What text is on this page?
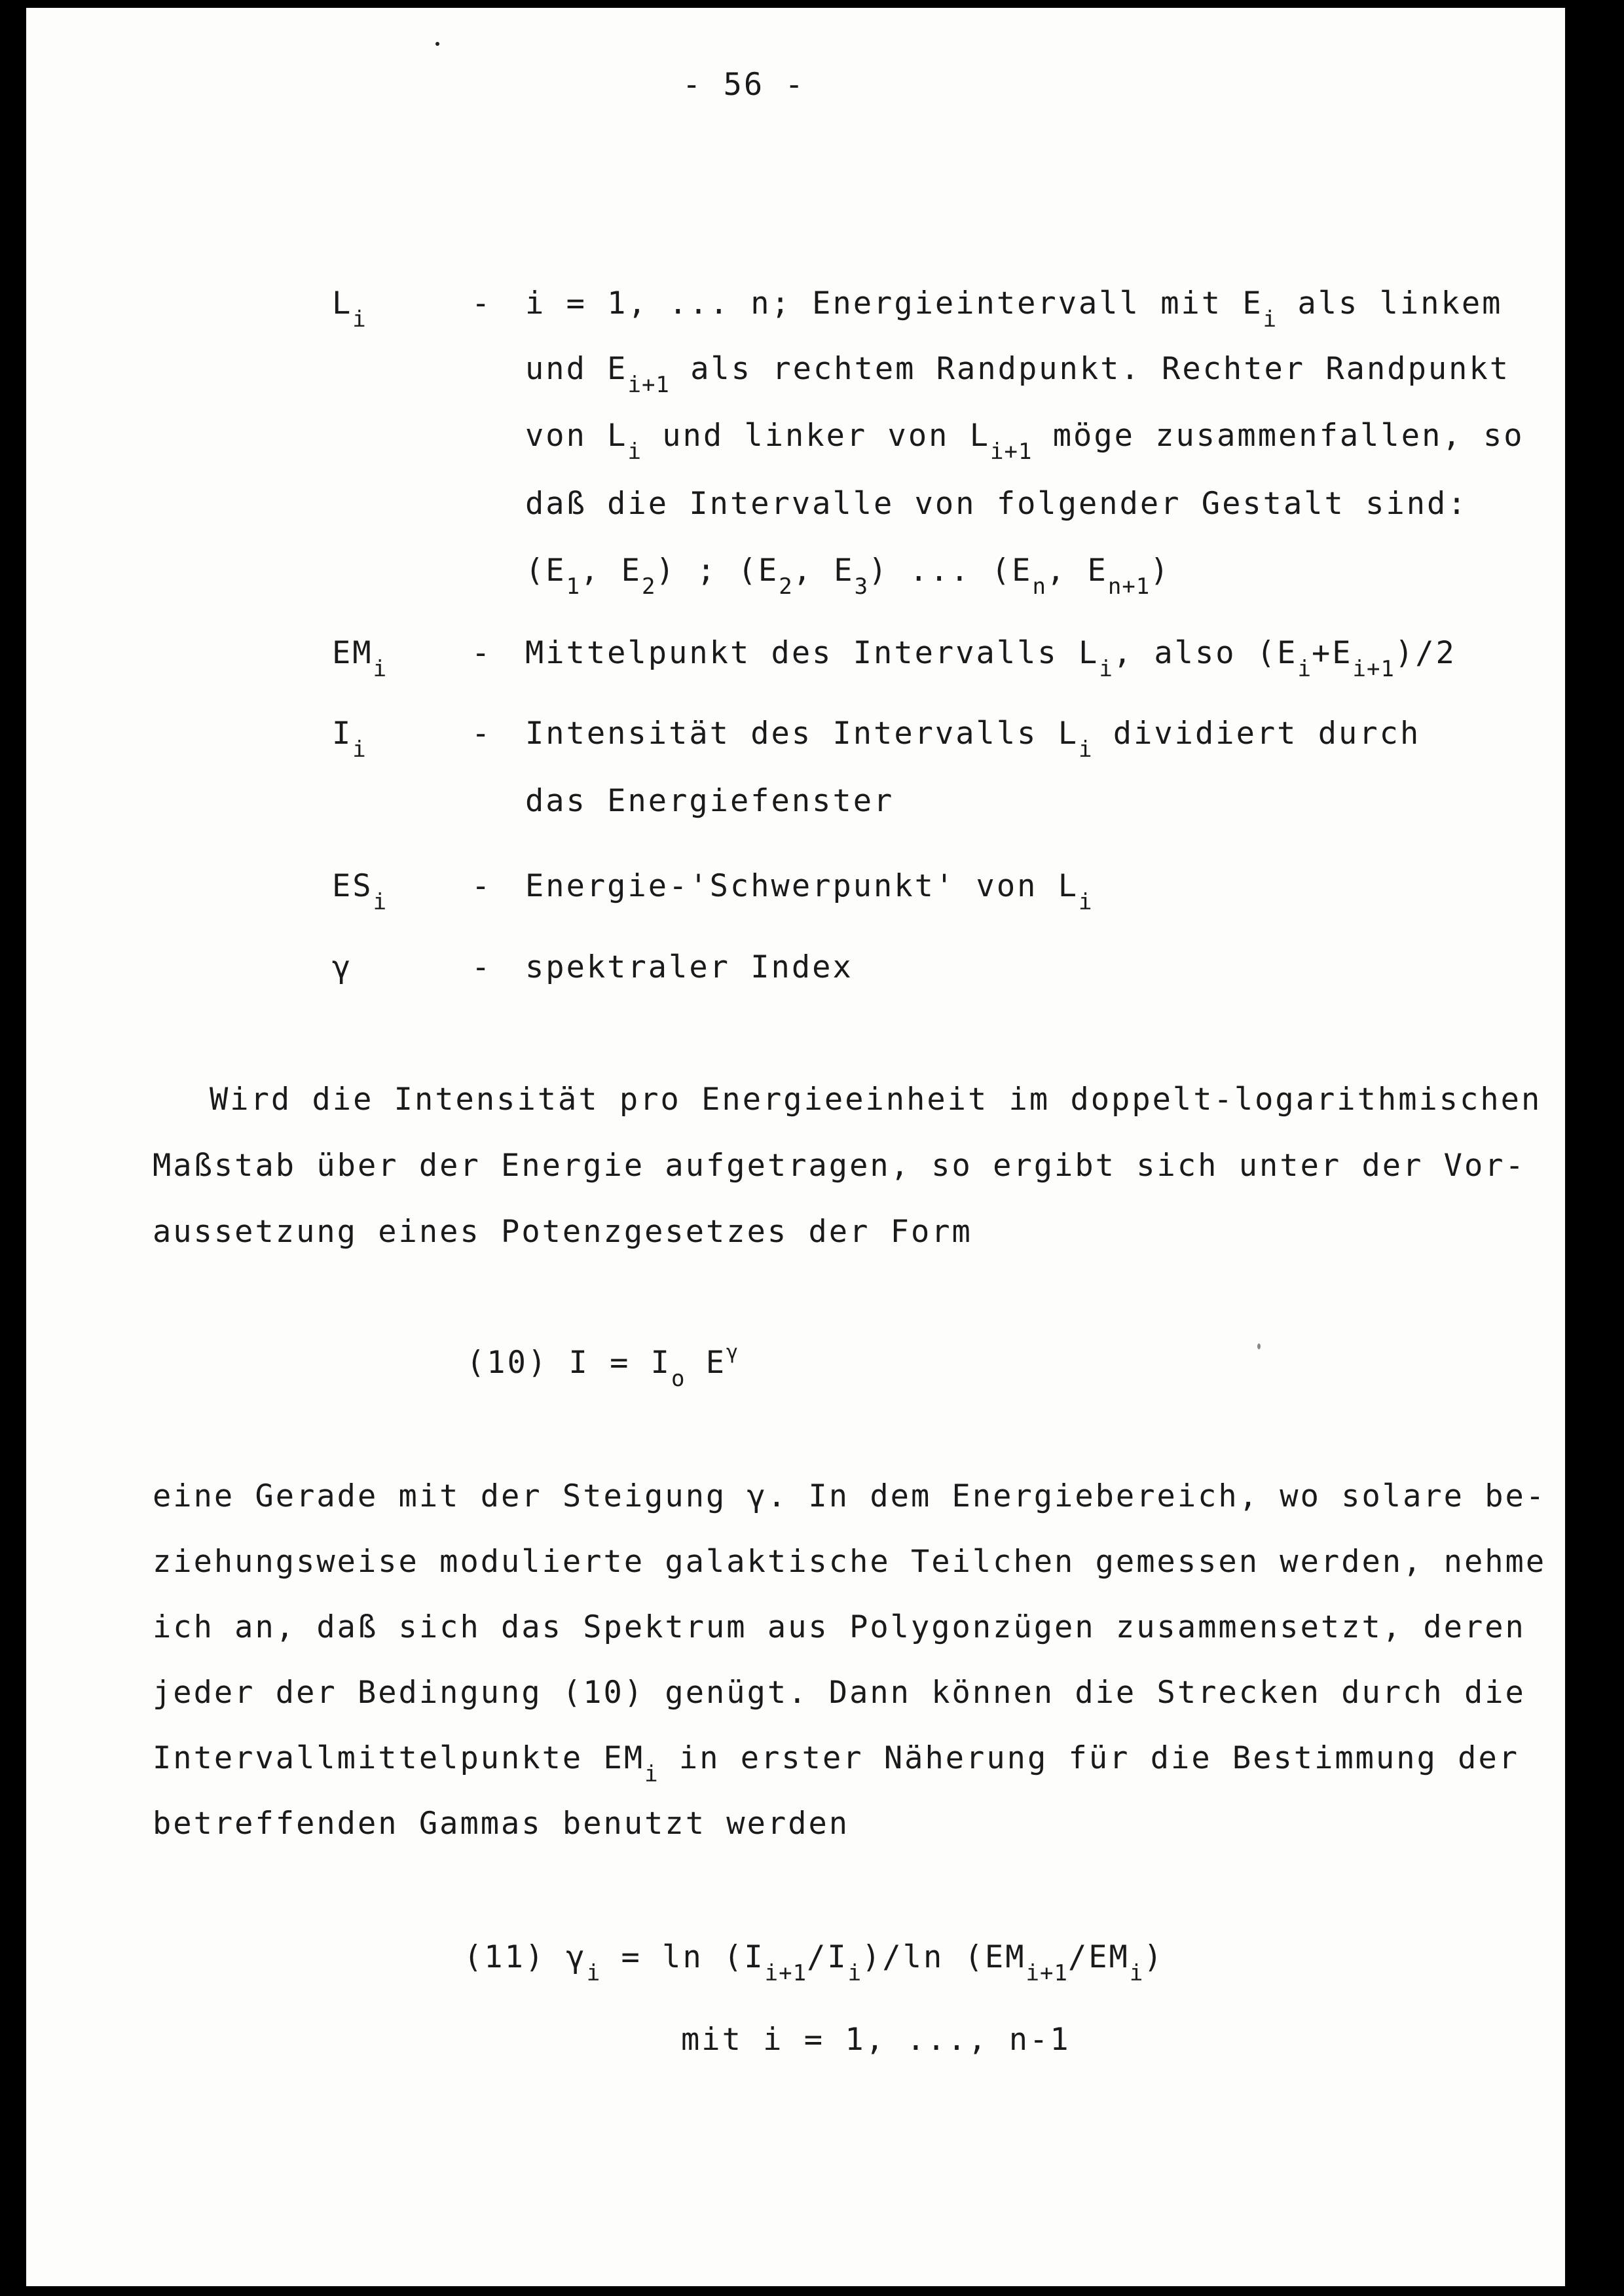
- 56 -
$L_i$	- i = 1, ... n; Energieintervall mit $E_i$ als linkem
und $E_{i+1}$ als rechtem Randpunkt. Rechter Randpunkt
von $L_i$ und linker von $L_{i+1}$ möge zusammenfallen, so
daß die Intervalle von folgender Gestalt sind:
($E_1$, $E_2$) ; ($E_2$, $E_3$) ... ($E_n$, $E_{n+1}$)
$EM_i$	- Mittelpunkt des Intervalls $L_i$, also $(E_i+E_{i+1})/2$
$I_i$	- Intensität des Intervalls $L_i$ dividiert durch
das Energiefenster
$ES_i$	- Energie-'Schwerpunkt' von $L_i$
γ	- spektraler Index
Wird die Intensität pro Energieeinheit im doppelt-logarithmischen
Maßstab über der Energie aufgetragen, so ergibt sich unter der Vor-
aussetzung eines Potenzgesetzes der Form
(10) $I = I_o$ $E^\gamma$
eine Gerade mit der Steigung γ. In dem Energiebereich, wo solare be-
ziehungsweise modulierte galaktische Teilchen gemessen werden, nehme
ich an, daß sich das Spektrum aus Polygonzügen zusammensetzt, deren
jeder der Bedingung (10) genügt. Dann können die Strecken durch die
Intervallmittelpunkte $EM_i$ in erster Näherung für die Bestimmung der
betreffenden Gammas benutzt werden
(11) $\gamma_i = \ln (I_{i+1}/I_i)/\ln$ $(EM_{i+1}/EM_i)$
mit i = 1, ..., n-1
